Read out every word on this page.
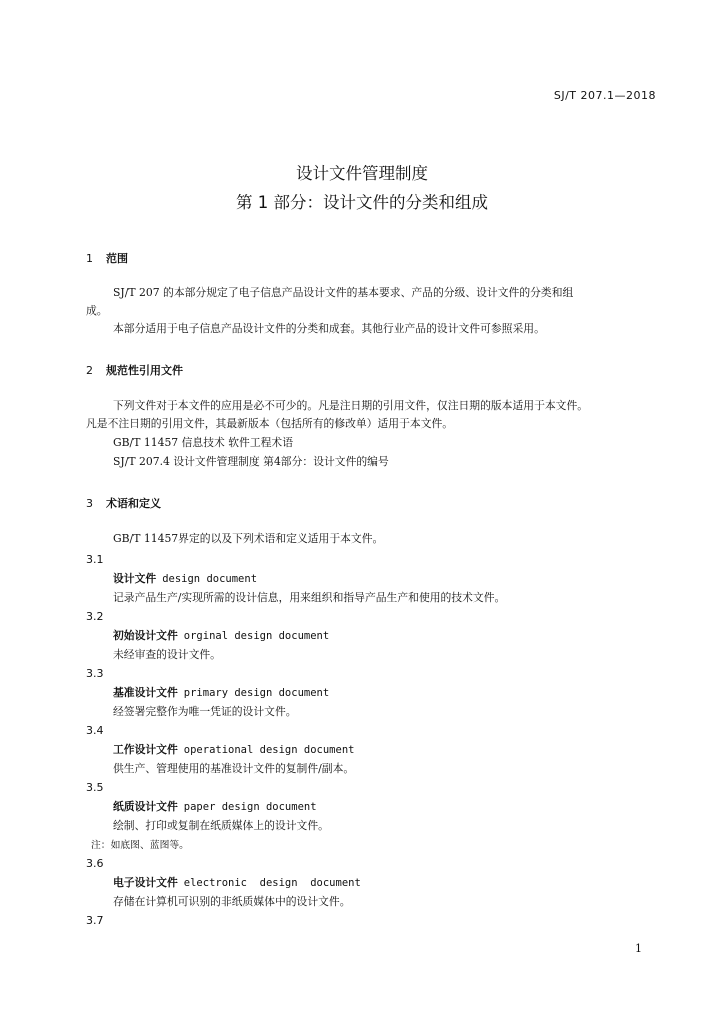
SJ/T 207.1—2018
设计文件管理制度
第 1 部分：设计文件的分类和组成
1 范围
SJ/T 207 的本部分规定了电子信息产品设计文件的基本要求、产品的分级、设计文件的分类和组
成。
本部分适用于电子信息产品设计文件的分类和成套。其他行业产品的设计文件可参照采用。
2 规范性引用文件
下列文件对于本文件的应用是必不可少的。凡是注日期的引用文件，仅注日期的版本适用于本文件。
凡是不注日期的引用文件，其最新版本（包括所有的修改单）适用于本文件。
GB/T 11457 信息技术 软件工程术语
SJ/T 207.4 设计文件管理制度 第4部分：设计文件的编号
3 术语和定义
GB/T 11457界定的以及下列术语和定义适用于本文件。
3.1
设计文件 design document
记录产品生产/实现所需的设计信息，用来组织和指导产品生产和使用的技术文件。
3.2
初始设计文件 orginal design document
未经审查的设计文件。
3.3
基准设计文件 primary design document
经签署完整作为唯一凭证的设计文件。
3.4
工作设计文件 operational design document
供生产、管理使用的基准设计文件的复制件/副本。
3.5
纸质设计文件 paper design document
绘制、打印或复制在纸质媒体上的设计文件。
注：如底图、蓝图等。
3.6
电子设计文件 electronic  design  document
存储在计算机可识别的非纸质媒体中的设计文件。
3.7
1
